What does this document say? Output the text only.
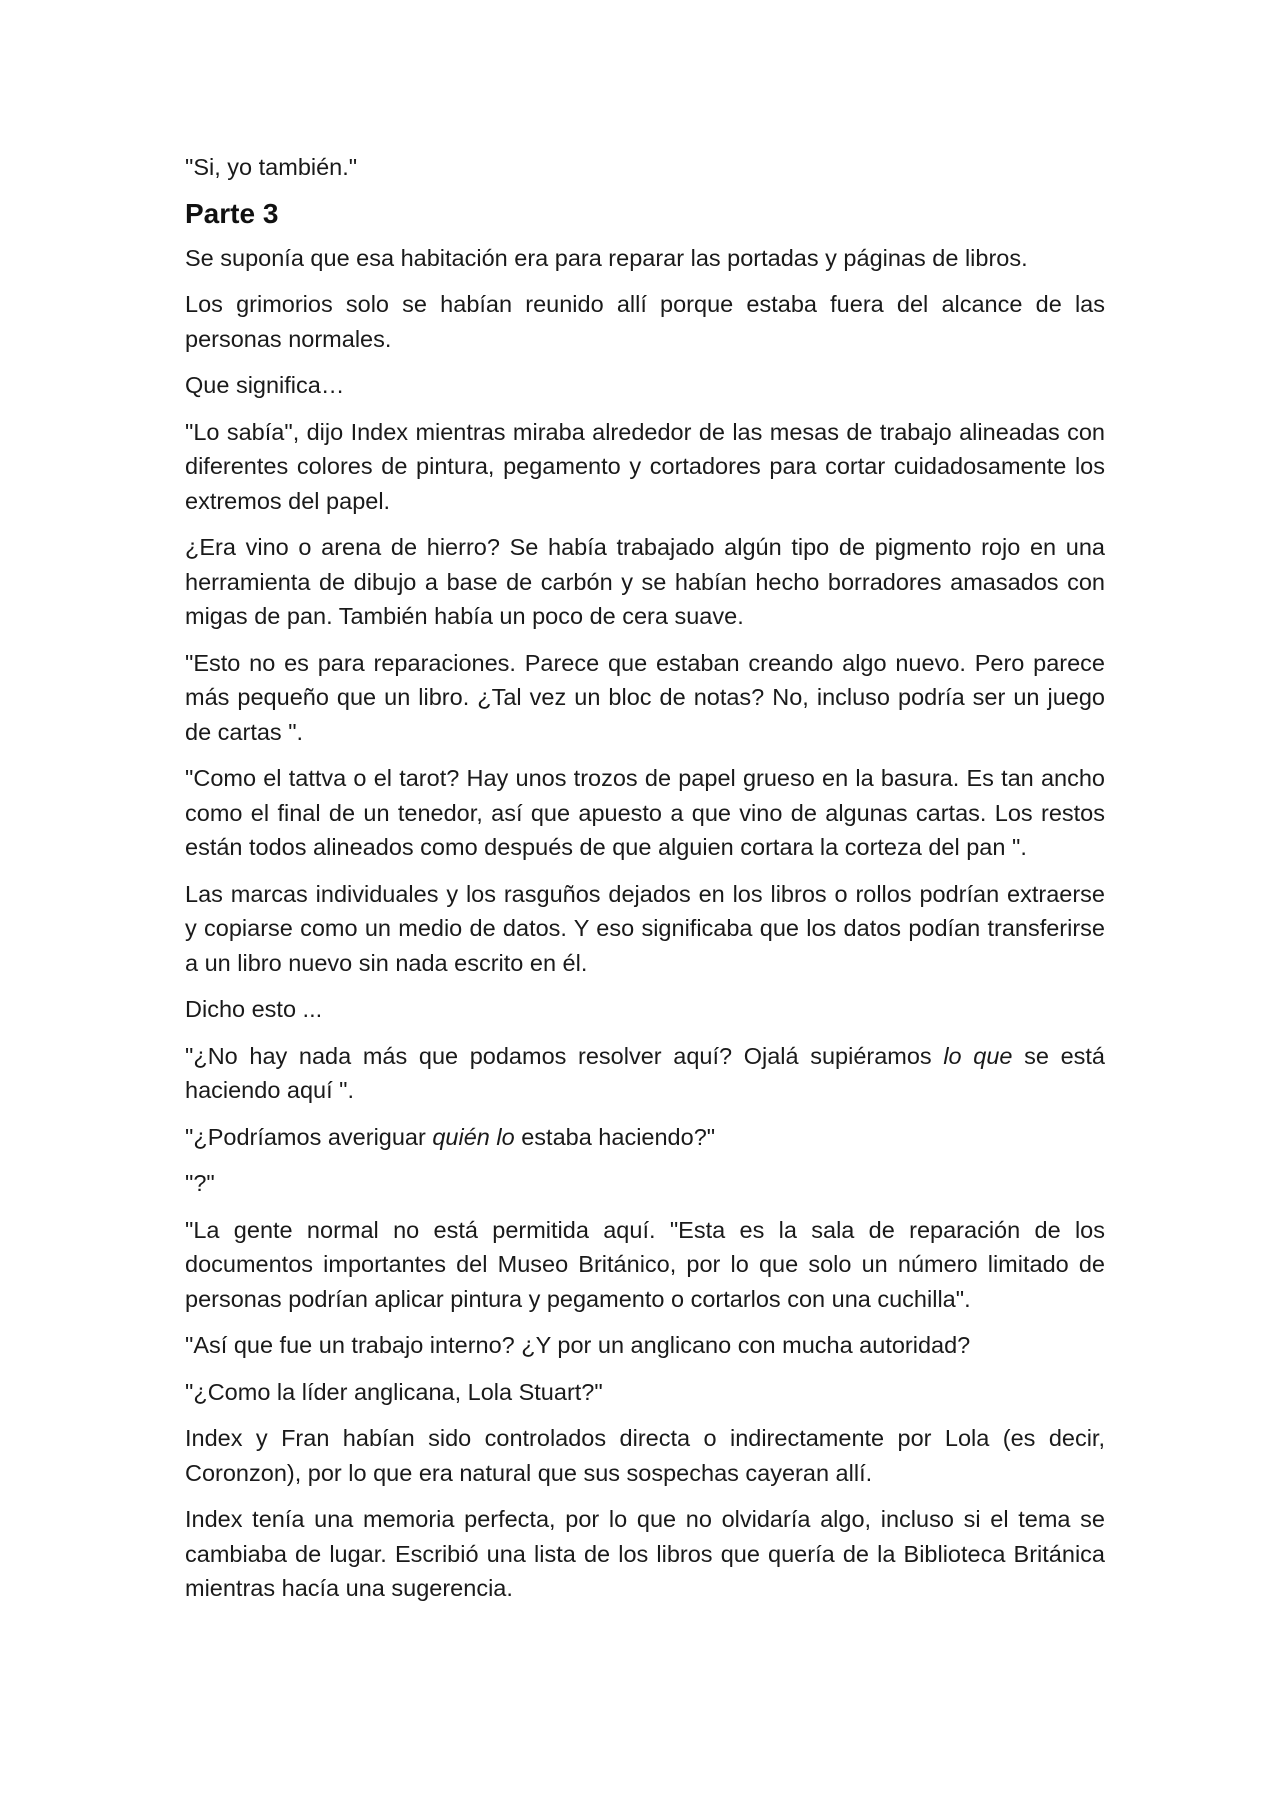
"Si, yo también."

Parte 3

Se suponía que esa habitación era para reparar las portadas y páginas de libros.

Los grimorios solo se habían reunido allí porque estaba fuera del alcance de las personas normales.

Que significa…

"Lo sabía", dijo Index mientras miraba alrededor de las mesas de trabajo alineadas con diferentes colores de pintura, pegamento y cortadores para cortar cuidadosamente los extremos del papel.

¿Era vino o arena de hierro? Se había trabajado algún tipo de pigmento rojo en una herramienta de dibujo a base de carbón y se habían hecho borradores amasados con migas de pan. También había un poco de cera suave.

"Esto no es para reparaciones. Parece que estaban creando algo nuevo. Pero parece más pequeño que un libro. ¿Tal vez un bloc de notas? No, incluso podría ser un juego de cartas ".

"Como el tattva o el tarot? Hay unos trozos de papel grueso en la basura. Es tan ancho como el final de un tenedor, así que apuesto a que vino de algunas cartas. Los restos están todos alineados como después de que alguien cortara la corteza del pan ".

Las marcas individuales y los rasguños dejados en los libros o rollos podrían extraerse y copiarse como un medio de datos. Y eso significaba que los datos podían transferirse a un libro nuevo sin nada escrito en él.

Dicho esto ...

"¿No hay nada más que podamos resolver aquí? Ojalá supiéramos lo que se está haciendo aquí ".

"¿Podríamos averiguar quién lo estaba haciendo?"

"?"

"La gente normal no está permitida aquí. "Esta es la sala de reparación de los documentos importantes del Museo Británico, por lo que solo un número limitado de personas podrían aplicar pintura y pegamento o cortarlos con una cuchilla".

"Así que fue un trabajo interno? ¿Y por un anglicano con mucha autoridad?

"¿Como la líder anglicana, Lola Stuart?"

Index y Fran habían sido controlados directa o indirectamente por Lola (es decir, Coronzon), por lo que era natural que sus sospechas cayeran allí.

Index tenía una memoria perfecta, por lo que no olvidaría algo, incluso si el tema se cambiaba de lugar. Escribió una lista de los libros que quería de la Biblioteca Británica mientras hacía una sugerencia.
